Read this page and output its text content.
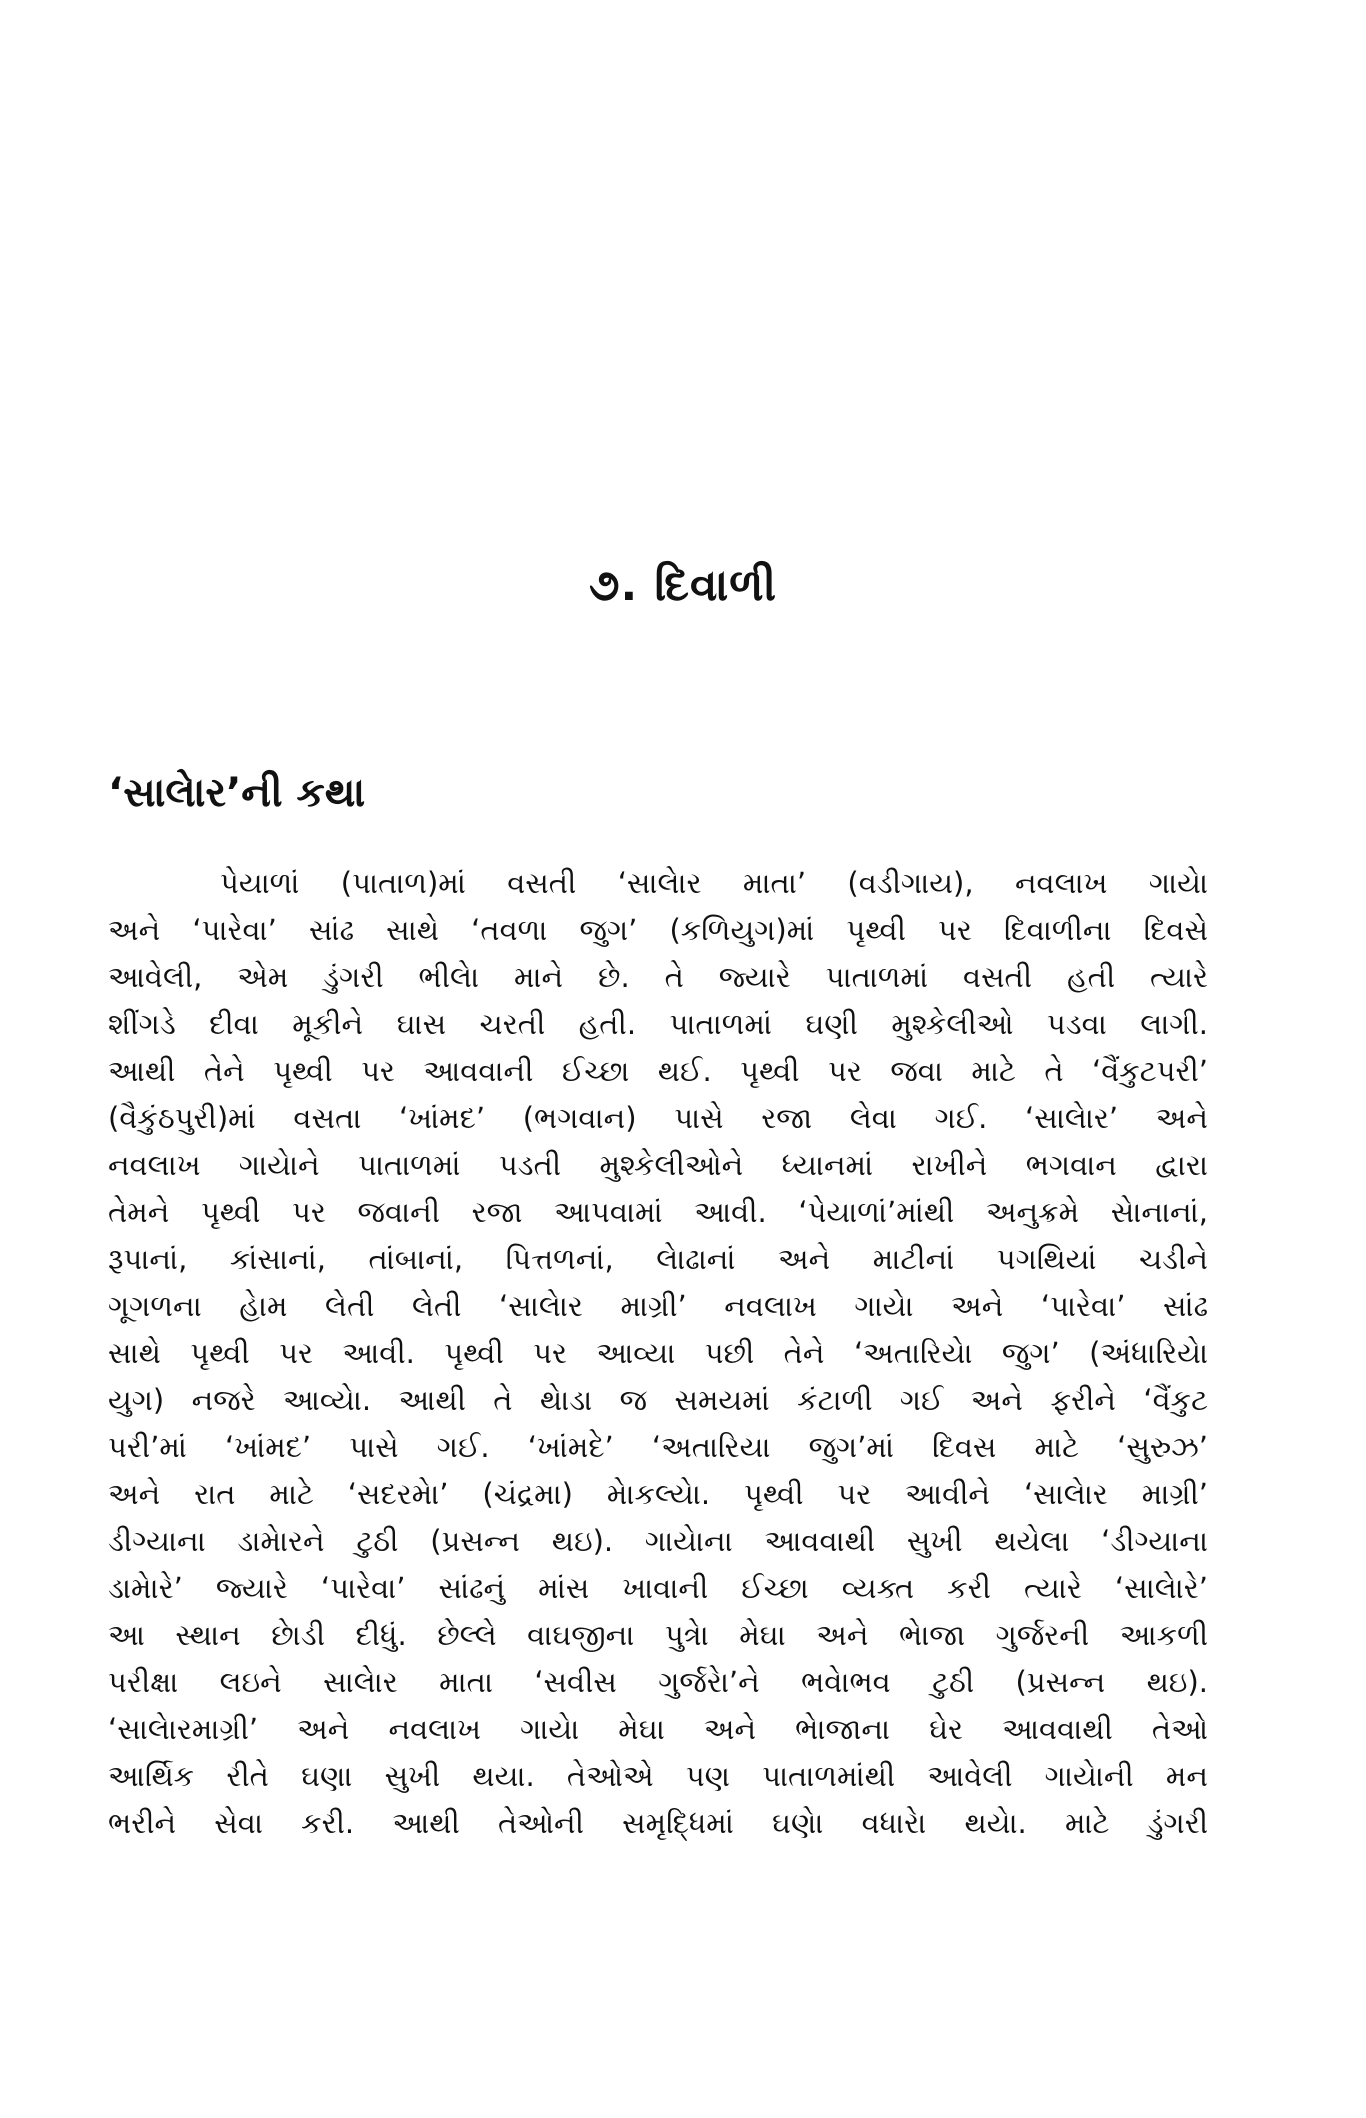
૭. દિવાળી
‘સાલેાર’ની કથા
પેયાળાં (પાતાળ)માં વસતી ‘સાલેાર માતા’ (વડીગાય), નવલાખ ગાયેા
અને ‘પારેવા’ સાંઢ સાથે ‘તવળા જુગ’ (કળિયુગ)માં પૃથ્વી પર દિવાળીના દિવસે
આવેલી, એમ ડુંગરી ભીલેા માને છે. તે જ્યારે પાતાળમાં વસતી હતી ત્યારે
શીંગડે દીવા મૂકીને ઘાસ ચરતી હતી. પાતાળમાં ઘણી મુશ્કેલીઓ પડવા લાગી.
આથી તેને પૃથ્વી પર આવવાની ઈચ્છા થઈ. પૃથ્વી પર જવા માટે તે ‘વૈંકુટપરી’
(વૈકુંઠપુરી)માં વસતા ‘ખાંમદ’ (ભગવાન) પાસે રજા લેવા ગઈ. ‘સાલેાર’ અને
નવલાખ ગાયેાને પાતાળમાં પડતી મુશ્કેલીઓને ધ્યાનમાં રાખીને ભગવાન દ્વારા
તેમને પૃથ્વી પર જવાની રજા આપવામાં આવી. ‘પેયાળાં’માંથી અનુક્રમે સેાનાનાં,
રૂપાનાં, કાંસાનાં, તાંબાનાં, પિત્તળનાં, લેાઢાનાં અને માટીનાં પગથિયાં ચડીને
ગૂગળના હેામ લેતી લેતી ‘સાલેાર માગ્રી’ નવલાખ ગાયેા અને ‘પારેવા’ સાંઢ
સાથે પૃથ્વી પર આવી. પૃથ્વી પર આવ્યા પછી તેને ‘અતારિયેા જુગ’ (અંધારિયેા
યુગ) નજરે આવ્યેા. આથી તે થેાડા જ સમયમાં કંટાળી ગઈ અને ફરીને ‘વૈંકુટ
પરી’માં ‘ખાંમદ’ પાસે ગઈ. ‘ખાંમદે’ ‘અતારિયા જુગ’માં દિવસ માટે ‘સુરુઝ’
અને રાત માટે ‘સદરમેા’ (ચંદ્રમા) મેાકલ્યેા. પૃથ્વી પર આવીને ‘સાલેાર માગ્રી’
ડીગ્યાના ડામેારને ટુઠી (પ્રસન્ન થઇ). ગાયેાના આવવાથી સુખી થયેલા ‘ડીગ્યાના
ડામેારે’ જ્યારે ‘પારેવા’ સાંઢનું માંસ ખાવાની ઈચ્છા વ્યક્ત કરી ત્યારે ‘સાલેારે’
આ સ્થાન છેાડી દીધું. છેલ્લે વાઘજીના પુત્રેા મેઘા અને ભેાજા ગુર્જરની આકળી
પરીક્ષા લઇને સાલેાર માતા ‘સવીસ ગુર્જરેા’ને ભવેાભવ ટુઠી (પ્રસન્ન થઇ).
‘સાલેારમાગ્રી’ અને નવલાખ ગાયેા મેઘા અને ભેાજાના ઘેર આવવાથી તેઓ
આર્થિક રીતે ઘણા સુખી થયા. તેઓએ પણ પાતાળમાંથી આવેલી ગાયેાની મન
ભરીને સેવા કરી. આથી તેઓની સમૃદ્ધિમાં ઘણેા વધારેા થયેા. માટે ડુંગરી
